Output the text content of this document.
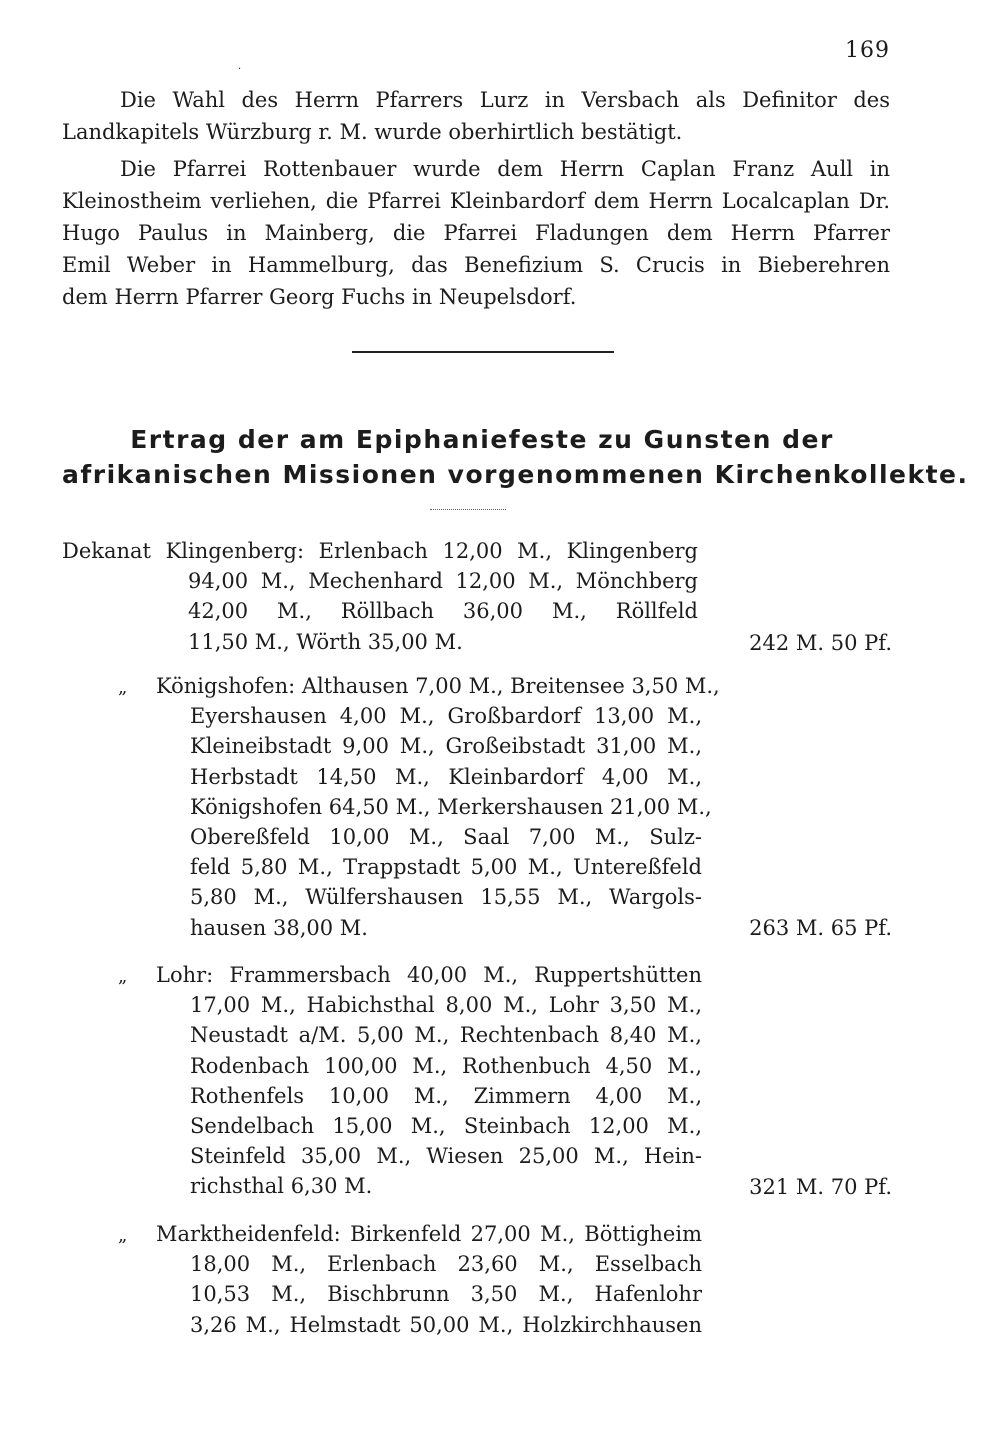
169
·
Die Wahl des Herrn Pfarrers Lurz in Versbach als Definitor des
Landkapitels Würzburg r. M. wurde oberhirtlich bestätigt.
Die Pfarrei Rottenbauer wurde dem Herrn Caplan Franz Aull in
Kleinostheim verliehen, die Pfarrei Kleinbardorf dem Herrn Localcaplan Dr.
Hugo Paulus in Mainberg, die Pfarrei Fladungen dem Herrn Pfarrer
Emil Weber in Hammelburg, das Benefizium S. Crucis in Bieberehren
dem Herrn Pfarrer Georg Fuchs in Neupelsdorf.
Ertrag der am Epiphaniefeste zu Gunsten der
afrikanischen Missionen vorgenommenen Kirchenkollekte.
Dekanat Klingenberg: Erlenbach 12,00 M., Klingenberg
94,00 M., Mechenhard 12,00 M., Mönchberg
42,00 M., Röllbach 36,00 M., Röllfeld
11,50 M., Wörth 35,00 M.	242 M. 50 Pf.
„ Königshofen: Althausen 7,00 M., Breitensee 3,50 M.,
Eyershausen 4,00 M., Großbardorf 13,00 M.,
Kleineibstadt 9,00 M., Großeibstadt 31,00 M.,
Herbstadt 14,50 M., Kleinbardorf 4,00 M.,
Königshofen 64,50 M., Merkershausen 21,00 M.,
Obereßfeld 10,00 M., Saal 7,00 M., Sulz-
feld 5,80 M., Trappstadt 5,00 M., Untereßfeld
5,80 M., Wülfershausen 15,55 M., Wargols-
hausen 38,00 M.	263 M. 65 Pf.
„ Lohr: Frammersbach 40,00 M., Ruppertshütten
17,00 M., Habichsthal 8,00 M., Lohr 3,50 M.,
Neustadt a/M. 5,00 M., Rechtenbach 8,40 M.,
Rodenbach 100,00 M., Rothenbuch 4,50 M.,
Rothenfels 10,00 M., Zimmern 4,00 M.,
Sendelbach 15,00 M., Steinbach 12,00 M.,
Steinfeld 35,00 M., Wiesen 25,00 M., Hein-
richsthal 6,30 M.	321 M. 70 Pf.
„ Marktheidenfeld: Birkenfeld 27,00 M., Böttigheim
18,00 M., Erlenbach 23,60 M., Esselbach
10,53 M., Bischbrunn 3,50 M., Hafenlohr
3,26 M., Helmstadt 50,00 M., Holzkirchhausen
